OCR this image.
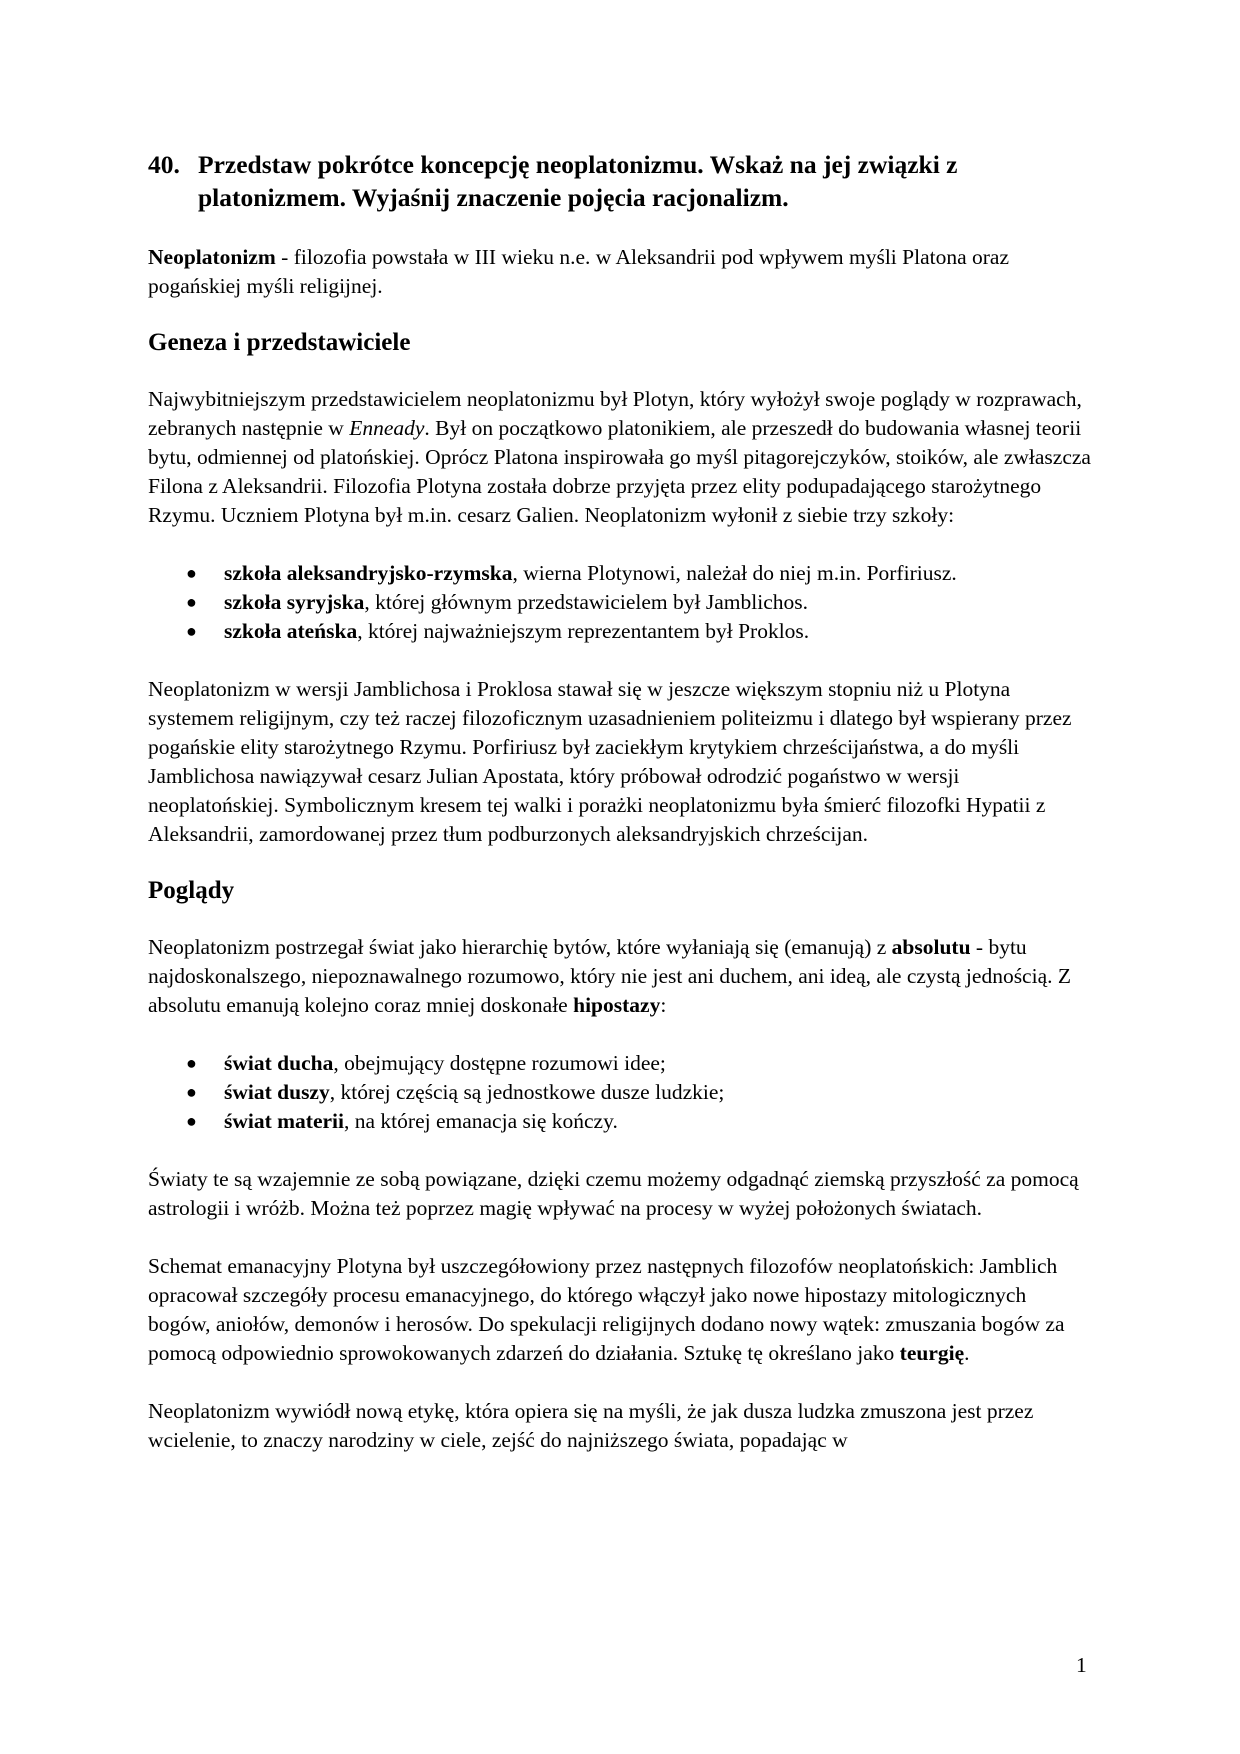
40. Przedstaw pokrótce koncepcję neoplatonizmu. Wskaż na jej związki z platonizmem. Wyjaśnij znaczenie pojęcia racjonalizm.

Neoplatonizm - filozofia powstała w III wieku n.e. w Aleksandrii pod wpływem myśli Platona oraz pogańskiej myśli religijnej.

Geneza i przedstawiciele

Najwybitniejszym przedstawicielem neoplatonizmu był Plotyn, który wyłożył swoje poglądy w rozprawach, zebranych następnie w Enneady. Był on początkowo platonikiem, ale przeszedł do budowania własnej teorii bytu, odmiennej od platońskiej. Oprócz Platona inspirowała go myśl pitagorejczyków, stoików, ale zwłaszcza Filona z Aleksandrii. Filozofia Plotyna została dobrze przyjęta przez elity podupadającego starożytnego Rzymu. Uczniem Plotyna był m.in. cesarz Galien. Neoplatonizm wyłonił z siebie trzy szkoły:

● szkoła aleksandryjsko-rzymska, wierna Plotynowi, należał do niej m.in. Porfiriusz.
● szkoła syryjska, której głównym przedstawicielem był Jamblichos.
● szkoła ateńska, której najważniejszym reprezentantem był Proklos.

Neoplatonizm w wersji Jamblichosa i Proklosa stawał się w jeszcze większym stopniu niż u Plotyna systemem religijnym, czy też raczej filozoficznym uzasadnieniem politeizmu i dlatego był wspierany przez pogańskie elity starożytnego Rzymu. Porfiriusz był zaciekłym krytykiem chrześcijaństwa, a do myśli Jamblichosa nawiązywał cesarz Julian Apostata, który próbował odrodzić pogaństwo w wersji neoplatońskiej. Symbolicznym kresem tej walki i porażki neoplatonizmu była śmierć filozofki Hypatii z Aleksandrii, zamordowanej przez tłum podburzonych aleksandryjskich chrześcijan.

Poglądy

Neoplatonizm postrzegał świat jako hierarchię bytów, które wyłaniają się (emanują) z absolutu - bytu najdoskonalszego, niepoznawalnego rozumowo, który nie jest ani duchem, ani ideą, ale czystą jednością. Z absolutu emanują kolejno coraz mniej doskonałe hipostazy:

● świat ducha, obejmujący dostępne rozumowi idee;
● świat duszy, której częścią są jednostkowe dusze ludzkie;
● świat materii, na której emanacja się kończy.

Światy te są wzajemnie ze sobą powiązane, dzięki czemu możemy odgadnąć ziemską przyszłość za pomocą astrologii i wróżb. Można też poprzez magię wpływać na procesy w wyżej położonych światach.

Schemat emanacyjny Plotyna był uszczegółowiony przez następnych filozofów neoplatońskich: Jamblich opracował szczegóły procesu emanacyjnego, do którego włączył jako nowe hipostazy mitologicznych bogów, aniołów, demonów i herosów. Do spekulacji religijnych dodano nowy wątek: zmuszania bogów za pomocą odpowiednio sprowokowanych zdarzeń do działania. Sztukę tę określano jako teurgię.

Neoplatonizm wywiódł nową etykę, która opiera się na myśli, że jak dusza ludzka zmuszona jest przez wcielenie, to znaczy narodziny w ciele, zejść do najniższego świata, popadając w

1
